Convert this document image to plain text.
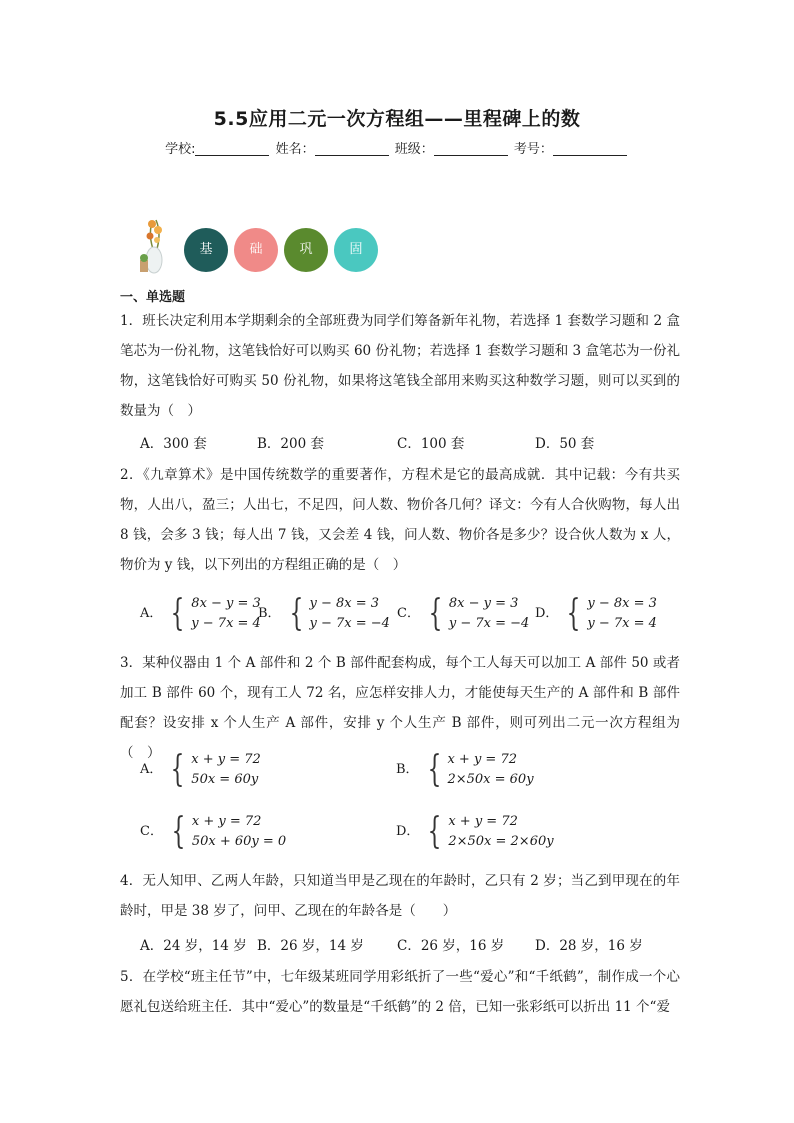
5.5应用二元一次方程组——里程碑上的数
学校:	姓名：	班级：	考号：
基	础	巩	固
一、单选题
1．班长决定利用本学期剩余的全部班费为同学们筹备新年礼物，若选择 1 套数学习题和 2 盒笔芯为一份礼物，这笔钱恰好可以购买 60 份礼物；若选择 1 套数学习题和 3 盒笔芯为一份礼物，这笔钱恰好可购买 50 份礼物，如果将这笔钱全部用来购买这种数学习题，则可以买到的数量为（　）
A．300 套	B．200 套	C．100 套	D．50 套
2．《九章算术》是中国传统数学的重要著作，方程术是它的最高成就．其中记载：今有共买物，人出八，盈三；人出七，不足四，问人数、物价各几何？译文：今有人合伙购物，每人出 8 钱，会多 3 钱；每人出 7 钱，又会差 4 钱，问人数、物价各是多少？设合伙人数为 x 人，物价为 y 钱，以下列出的方程组正确的是（　）
A． { 8x − y = 3
y − 7x = 4
B． { y − 8x = 3
y − 7x = −4
C． { 8x − y = 3
y − 7x = −4
D． { y − 8x = 3
y − 7x = 4
3．某种仪器由 1 个 A 部件和 2 个 B 部件配套构成，每个工人每天可以加工 A 部件 50 或者加工 B 部件 60 个，现有工人 72 名，应怎样安排人力，才能使每天生产的 A 部件和 B 部件配套？设安排 x 个人生产 A 部件，安排 y 个人生产 B 部件，则可列出二元一次方程组为（　）
A． { x + y = 72
50x = 60y
B． { x + y = 72
2×50x = 60y
C． { x + y = 72
50x + 60y = 0
D． { x + y = 72
2×50x = 2×60y
4．无人知甲、乙两人年龄，只知道当甲是乙现在的年龄时，乙只有 2 岁；当乙到甲现在的年龄时，甲是 38 岁了，问甲、乙现在的年龄各是（　　）
A．24 岁，14 岁 B．26 岁，14 岁 C．26 岁，16 岁 D．28 岁，16 岁
5．在学校“班主任节”中，七年级某班同学用彩纸折了一些“爱心”和“千纸鹤”，制作成一个心愿礼包送给班主任．其中“爱心”的数量是“千纸鹤”的 2 倍，已知一张彩纸可以折出 11 个“爱
